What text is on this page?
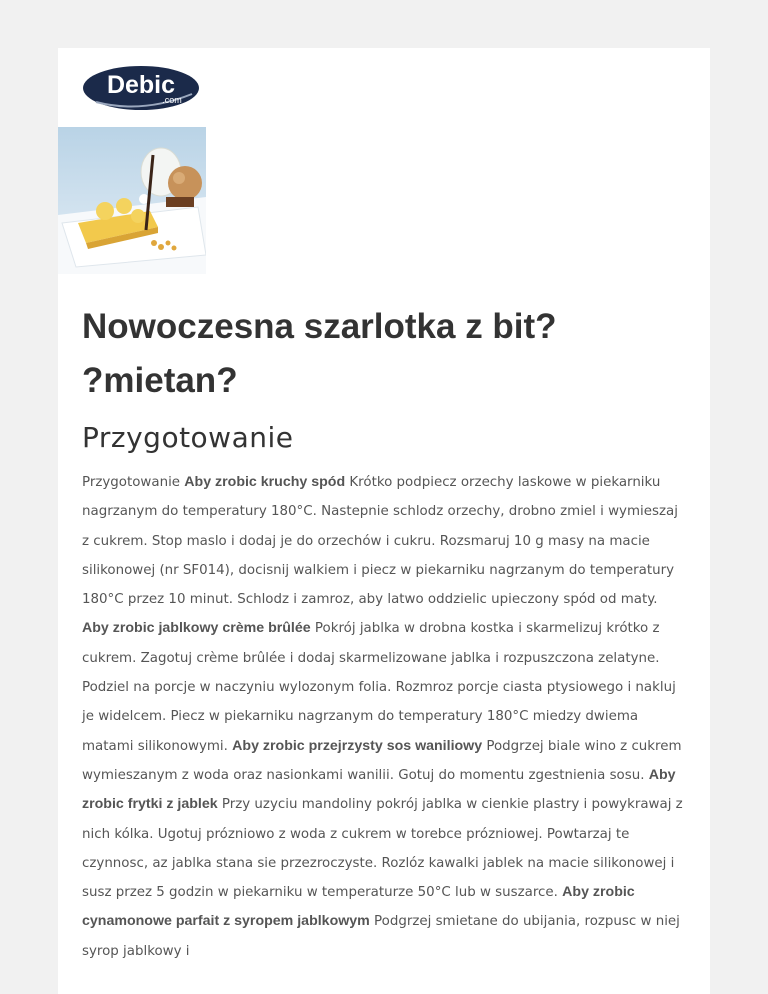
Debic
.com
Nowoczesna szarlotka z bit?
?mietan?
Przygotowanie

Przygotowanie Aby zrobic kruchy spód Krótko podpiecz orzechy laskowe w piekarniku nagrzanym do temperatury 180°C. Nastepnie schlodz orzechy, drobno zmiel i wymieszaj z cukrem. Stop maslo i dodaj je do orzechów i cukru. Rozsmaruj 10 g masy na macie silikonowej (nr SF014), docisnij walkiem i piecz w piekarniku nagrzanym do temperatury 180°C przez 10 minut. Schlodz i zamroz, aby latwo oddzielic upieczony spód od maty. Aby zrobic jablkowy crème brûlée Pokrój jablka w drobna kostka i skarmelizuj krótko z cukrem. Zagotuj crème brûlée i dodaj skarmelizowane jablka i rozpuszczona zelatyne. Podziel na porcje w naczyniu wylozonym folia. Rozmroz porcje ciasta ptysiowego i nakluj je widelcem. Piecz w piekarniku nagrzanym do temperatury 180°C miedzy dwiema matami silikonowymi. Aby zrobic przejrzysty sos waniliowy Podgrzej biale wino z cukrem wymieszanym z woda oraz nasionkami wanilii. Gotuj do momentu zgestnienia sosu. Aby zrobic frytki z jablek Przy uzyciu mandoliny pokrój jablka w cienkie plastry i powykrawaj z nich kólka. Ugotuj prózniowo z woda z cukrem w torebce prózniowej. Powtarzaj te czynnosc, az jablka stana sie przezroczyste. Rozlóz kawalki jablek na macie silikonowej i susz przez 5 godzin w piekarniku w temperaturze 50°C lub w suszarce. Aby zrobic cynamonowe parfait z syropem jablkowym Podgrzej smietane do ubijania, rozpusc w niej syrop jablkowy i
